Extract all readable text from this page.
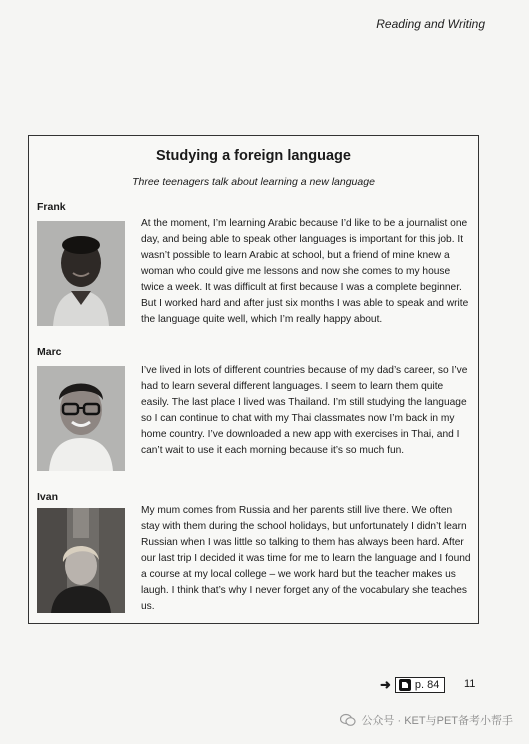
Reading and Writing
Studying a foreign language
Three teenagers talk about learning a new language
Frank
At the moment, I’m learning Arabic because I’d like to be a journalist one day, and being able to speak other languages is important for this job. It wasn’t possible to learn Arabic at school, but a friend of mine knew a woman who could give me lessons and now she comes to my house twice a week. It was difficult at first because I was a complete beginner. But I worked hard and after just six months I was able to speak and write the language quite well, which I’m really happy about.
Marc
I’ve lived in lots of different countries because of my dad’s career, so I’ve had to learn several different languages. I seem to learn them quite easily. The last place I lived was Thailand. I’m still studying the language so I can continue to chat with my Thai classmates now I’m back in my home country. I’ve downloaded a new app with exercises in Thai, and I can’t wait to use it each morning because it’s so much fun.
Ivan
My mum comes from Russia and her parents still live there. We often stay with them during the school holidays, but unfortunately I didn’t learn Russian when I was little so talking to them has always been hard. After our last trip I decided it was time for me to learn the language and I found a course at my local college – we work hard but the teacher makes us laugh. I think that’s why I never forget any of the vocabulary she teaches us.
➜ p. 84 11
公众号 · KET与PET备考小帮手
